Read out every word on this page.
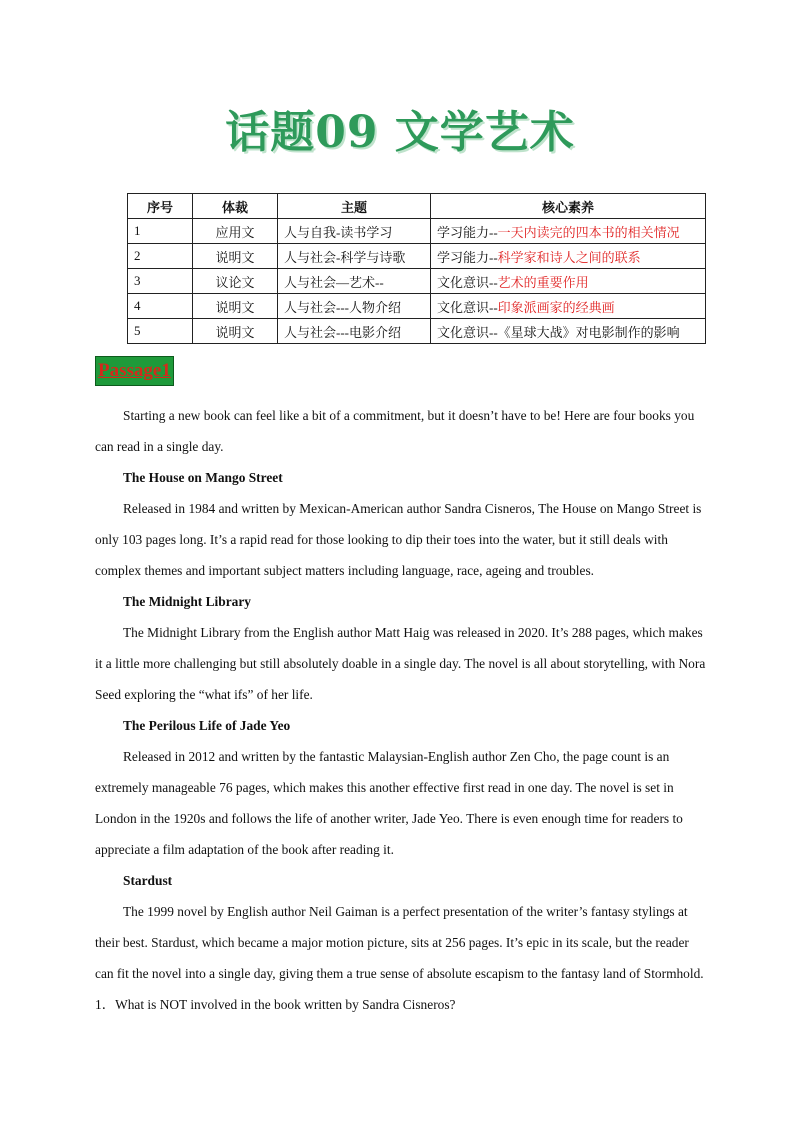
话题09 文学艺术
序号	体裁	主题	核心素养
1	应用文	人与自我-读书学习	学习能力--一天内读完的四本书的相关情况
2	说明文	人与社会-科学与诗歌	学习能力--科学家和诗人之间的联系
3	议论文	人与社会—艺术--	文化意识--艺术的重要作用
4	说明文	人与社会---人物介绍	文化意识--印象派画家的经典画
5	说明文	人与社会---电影介绍	文化意识--《星球大战》对电影制作的影响
Passage1

Starting a new book can feel like a bit of a commitment, but it doesn’t have to be! Here are four books you can read in a single day.

The House on Mango Street

Released in 1984 and written by Mexican-American author Sandra Cisneros, The House on Mango Street is only 103 pages long. It’s a rapid read for those looking to dip their toes into the water, but it still deals with complex themes and important subject matters including language, race, ageing and troubles.

The Midnight Library

The Midnight Library from the English author Matt Haig was released in 2020. It’s 288 pages, which makes it a little more challenging but still absolutely doable in a single day. The novel is all about storytelling, with Nora Seed exploring the “what ifs” of her life.

The Perilous Life of Jade Yeo

Released in 2012 and written by the fantastic Malaysian-English author Zen Cho, the page count is an extremely manageable 76 pages, which makes this another effective first read in one day. The novel is set in London in the 1920s and follows the life of another writer, Jade Yeo. There is even enough time for readers to appreciate a film adaptation of the book after reading it.

Stardust

The 1999 novel by English author Neil Gaiman is a perfect presentation of the writer’s fantasy stylings at their best. Stardust, which became a major motion picture, sits at 256 pages. It’s epic in its scale, but the reader can fit the novel into a single day, giving them a true sense of absolute escapism to the fantasy land of Stormhold.

1．What is NOT involved in the book written by Sandra Cisneros?
